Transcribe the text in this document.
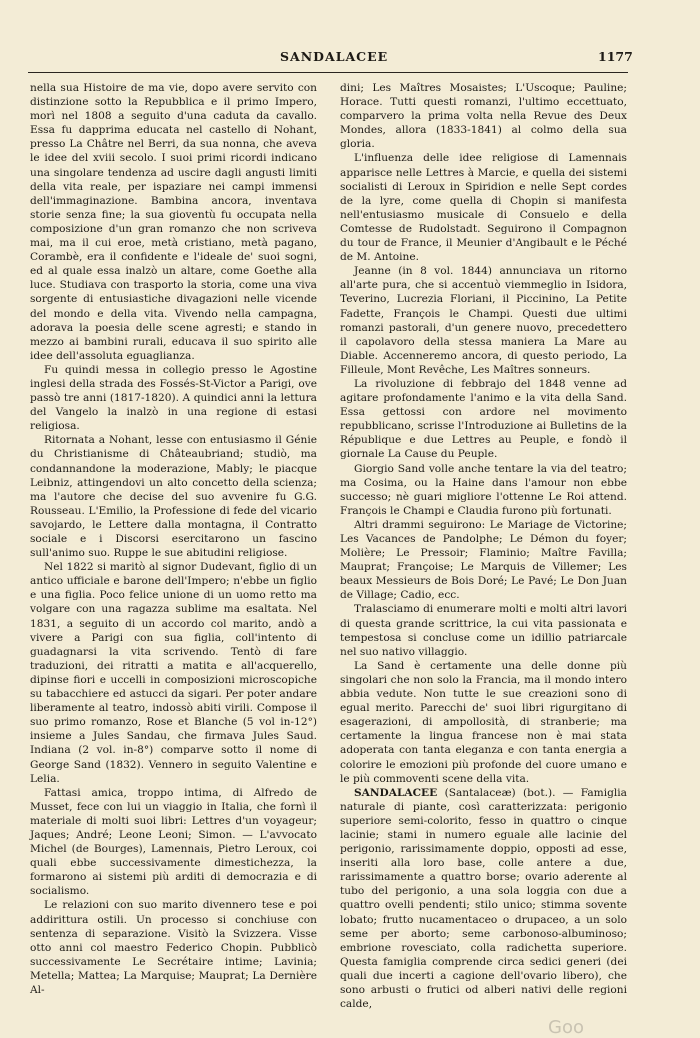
SANDALACEE	1177

nella sua Histoire de ma vie, dopo avere servito con distinzione sotto la Repubblica e il primo Impero, morì nel 1808 a seguito d'una caduta da cavallo. Essa fu dapprima educata nel castello di Nohant, presso La Châtre nel Berri, da sua nonna, che aveva le idee del xviii secolo. I suoi primi ricordi indicano una singolare tendenza ad uscire dagli angusti limiti della vita reale, per ispaziare nei campi immensi dell'immaginazione. Bambina ancora, inventava storie senza fine; la sua gioventù fu occupata nella composizione d'un gran romanzo che non scriveva mai, ma il cui eroe, metà cristiano, metà pagano, Corambè, era il confidente e l'ideale de' suoi sogni, ed al quale essa inalzò un altare, come Goethe alla luce. Studiava con trasporto la storia, come una viva sorgente di entusiastiche divagazioni nelle vicende del mondo e della vita. Vivendo nella campagna, adorava la poesia delle scene agresti; e stando in mezzo ai bambini rurali, educava il suo spirito alle idee dell'assoluta eguaglianza.

Fu quindi messa in collegio presso le Agostine inglesi della strada des Fossés-St-Victor a Parigi, ove passò tre anni (1817-1820). A quindici anni la lettura del Vangelo la inalzò in una regione di estasi religiosa.

Ritornata a Nohant, lesse con entusiasmo il Génie du Christianisme di Châteaubriand; studiò, ma condannandone la moderazione, Mably; le piacque Leibniz, attingendovi un alto concetto della scienza; ma l'autore che decise del suo avvenire fu G.G. Rousseau. L'Emilio, la Professione di fede del vicario savojardo, le Lettere dalla montagna, il Contratto sociale e i Discorsi esercitarono un fascino sull'animo suo. Ruppe le sue abitudini religiose.

Nel 1822 si maritò al signor Dudevant, figlio di un antico ufficiale e barone dell'Impero; n'ebbe un figlio e una figlia. Poco felice unione di un uomo retto ma volgare con una ragazza sublime ma esaltata. Nel 1831, a seguito di un accordo col marito, andò a vivere a Parigi con sua figlia, coll'intento di guadagnarsi la vita scrivendo. Tentò di fare traduzioni, dei ritratti a matita e all'acquerello, dipinse fiori e uccelli in composizioni microscopiche su tabacchiere ed astucci da sigari. Per poter andare liberamente al teatro, indossò abiti virili. Compose il suo primo romanzo, Rose et Blanche (5 vol in-12°) insieme a Jules Sandau, che firmava Jules Saud. Indiana (2 vol. in-8°) comparve sotto il nome di George Sand (1832). Vennero in seguito Valentine e Lelia.

Fattasi amica, troppo intima, di Alfredo de Musset, fece con lui un viaggio in Italia, che fornì il materiale di molti suoi libri: Lettres d'un voyageur; Jaques; André; Leone Leoni; Simon. — L'avvocato Michel (de Bourges), Lamennais, Pietro Leroux, coi quali ebbe successivamente dimestichezza, la formarono ai sistemi più arditi di democrazia e di socialismo.

Le relazioni con suo marito divennero tese e poi addirittura ostili. Un processo si conchiuse con sentenza di separazione. Visitò la Svizzera. Visse otto anni col maestro Federico Chopin. Pubblicò successivamente Le Secrétaire intime; Lavinia; Metella; Mattea; La Marquise; Mauprat; La Dernière Al-

dini; Les Maîtres Mosaistes; L'Uscoque; Pauline; Horace. Tutti questi romanzi, l'ultimo eccettuato, comparvero la prima volta nella Revue des Deux Mondes, allora (1833-1841) al colmo della sua gloria.

L'influenza delle idee religiose di Lamennais apparisce nelle Lettres à Marcie, e quella dei sistemi socialisti di Leroux in Spiridion e nelle Sept cordes de la lyre, come quella di Chopin si manifesta nell'entusiasmo musicale di Consuelo e della Comtesse de Rudolstadt. Seguirono il Compagnon du tour de France, il Meunier d'Angibault e le Péché de M. Antoine.

Jeanne (in 8 vol. 1844) annunciava un ritorno all'arte pura, che si accentuò viemmeglio in Isidora, Teverino, Lucrezia Floriani, il Piccinino, La Petite Fadette, François le Champi. Questi due ultimi romanzi pastorali, d'un genere nuovo, precedettero il capolavoro della stessa maniera La Mare au Diable. Accenneremo ancora, di questo periodo, La Filleule, Mont Revêche, Les Maîtres sonneurs.

La rivoluzione di febbrajo del 1848 venne ad agitare profondamente l'animo e la vita della Sand. Essa gettossi con ardore nel movimento repubblicano, scrisse l'Introduzione ai Bulletins de la République e due Lettres au Peuple, e fondò il giornale La Cause du Peuple.

Giorgio Sand volle anche tentare la via del teatro; ma Cosima, ou la Haine dans l'amour non ebbe successo; nè guari migliore l'ottenne Le Roi attend. François le Champi e Claudia furono più fortunati.

Altri drammi seguirono: Le Mariage de Victorine; Les Vacances de Pandolphe; Le Démon du foyer; Molière; Le Pressoir; Flaminio; Maître Favilla; Mauprat; Françoise; Le Marquis de Villemer; Les beaux Messieurs de Bois Doré; Le Pavé; Le Don Juan de Village; Cadio, ecc.

Tralasciamo di enumerare molti e molti altri lavori di questa grande scrittrice, la cui vita passionata e tempestosa si concluse come un idillio patriarcale nel suo nativo villaggio.

La Sand è certamente una delle donne più singolari che non solo la Francia, ma il mondo intero abbia vedute. Non tutte le sue creazioni sono di egual merito. Parecchi de' suoi libri rigurgitano di esagerazioni, di ampollosità, di stranberie; ma certamente la lingua francese non è mai stata adoperata con tanta eleganza e con tanta energia a colorire le emozioni più profonde del cuore umano e le più commoventi scene della vita.

SANDALACEE (Santalaceæ) (bot.). — Famiglia naturale di piante, così caratterizzata: perigonio superiore semi-colorito, fesso in quattro o cinque lacinie; stami in numero eguale alle lacinie del perigonio, rarissimamente doppio, opposti ad esse, inseriti alla loro base, colle antere a due, rarissimamente a quattro borse; ovario aderente al tubo del perigonio, a una sola loggia con due a quattro ovelli pendenti; stilo unico; stimma sovente lobato; frutto nucamentaceo o drupaceo, a un solo seme per aborto; seme carbonoso-albuminoso; embrione rovesciato, colla radichetta superiore. Questa famiglia comprende circa sedici generi (dei quali due incerti a cagione dell'ovario libero), che sono arbusti o frutici od alberi nativi delle regioni calde,

Goo
